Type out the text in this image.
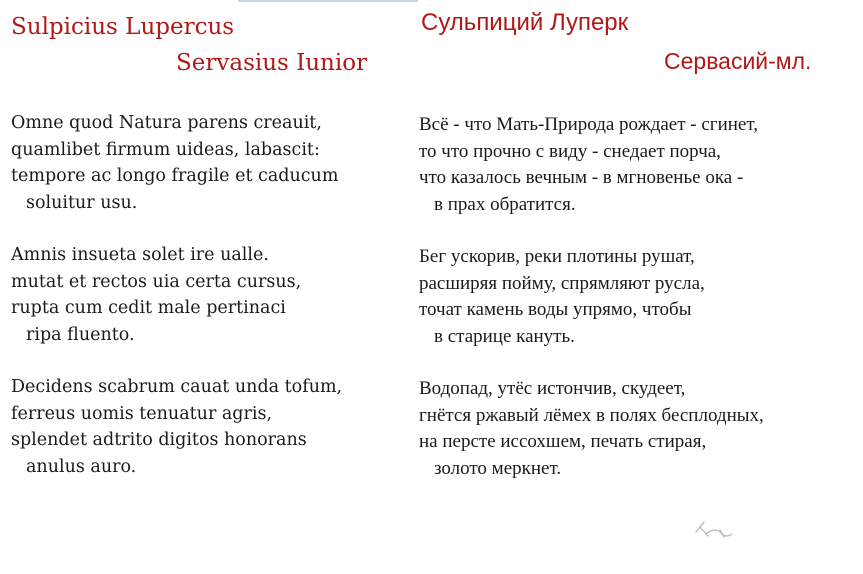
Sulpicius Lupercus
Servasius Iunior
Omne quod Natura parens creauit,
quamlibet firmum uideas, labascit:
tempore ac longo fragile et caducum
soluitur usu.
Amnis insueta solet ire ualle.
mutat et rectos uia certa cursus,
rupta cum cedit male pertinaci
ripa fluento.
Decidens scabrum cauat unda tofum,
ferreus uomis tenuatur agris,
splendet adtrito digitos honorans
anulus auro.
Сульпиций Луперк
Сервасий-мл.
Всё - что Мать-Природа рождает - сгинет,
то что прочно с виду - снедает порча,
что казалось вечным - в мгновенье ока -
в прах обратится.
Бег ускорив, реки плотины рушат,
расширяя пойму, спрямляют русла,
точат камень воды упрямо, чтобы
в старице кануть.
Водопад, утёс истончив, скудеет,
гнётся ржавый лёмех в полях бесплодных,
на персте иссохшем, печать стирая,
золото меркнет.
